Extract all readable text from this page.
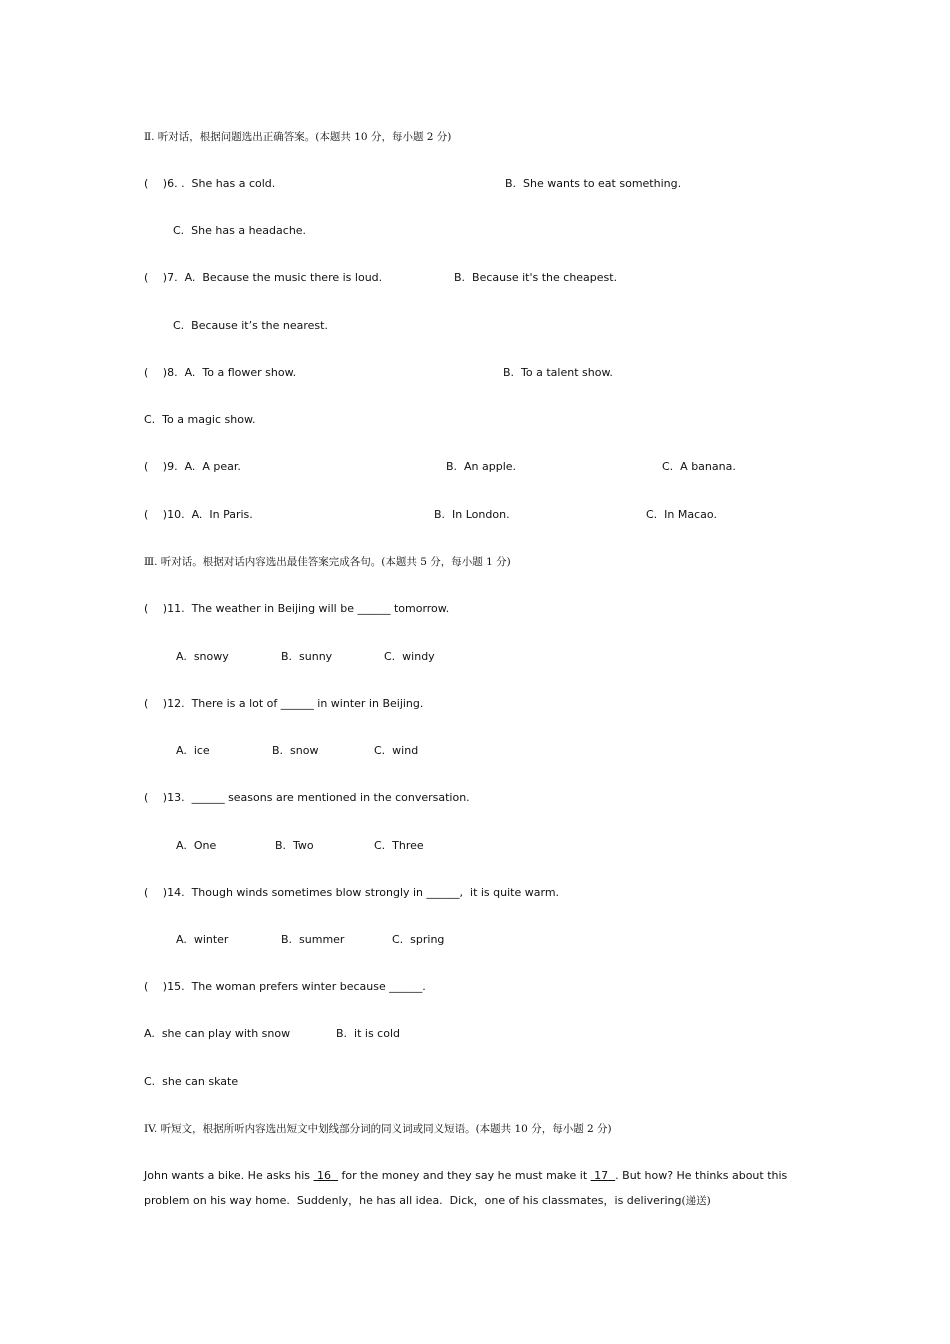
Ⅱ. 听对话，根据问题选出正确答案。(本题共 10 分，每小题 2 分)
(　 )6. .  She has a cold.	B.  She wants to eat something.
C.  She has a headache.
(　 )7.  A.  Because the music there is loud.	B.  Because it's the cheapest.
C.  Because it’s the nearest.
(　 )8.  A.  To a flower show.	B.  To a talent show.
C.  To a magic show.
(　 )9.  A.  A pear.	B.  An apple.	C.  A banana.
(　 )10.  A.  In Paris.	B.  In London.	C.  In Macao.
Ⅲ. 听对话。根据对话内容选出最佳答案完成各句。(本题共 5 分，每小题 1 分)
(　 )11.  The weather in Beijing will be ______ tomorrow.
A.  snowy	B.  sunny	C.  windy
(　 )12.  There is a lot of ______ in winter in Beijing.
A.  ice	B.  snow	C.  wind
(　 )13.  ______ seasons are mentioned in the conversation.
A.  One	B.  Two	C.  Three
(　 )14.  Though winds sometimes blow strongly in ______,  it is quite warm.
A.  winter	B.  summer	C.  spring
(　 )15.  The woman prefers winter because ______.
A.  she can play with snow	B.  it is cold
C.  she can skate
IV. 听短文，根据所听内容选出短文中划线部分词的同义词或同义短语。(本题共 10 分，每小题 2 分)
John wants a bike. He asks his  16   for the money and they say he must make it  17  . But how? He thinks about this
problem on his way home.  Suddenly，he has all idea.  Dick，one of his classmates，is delivering(递送)
